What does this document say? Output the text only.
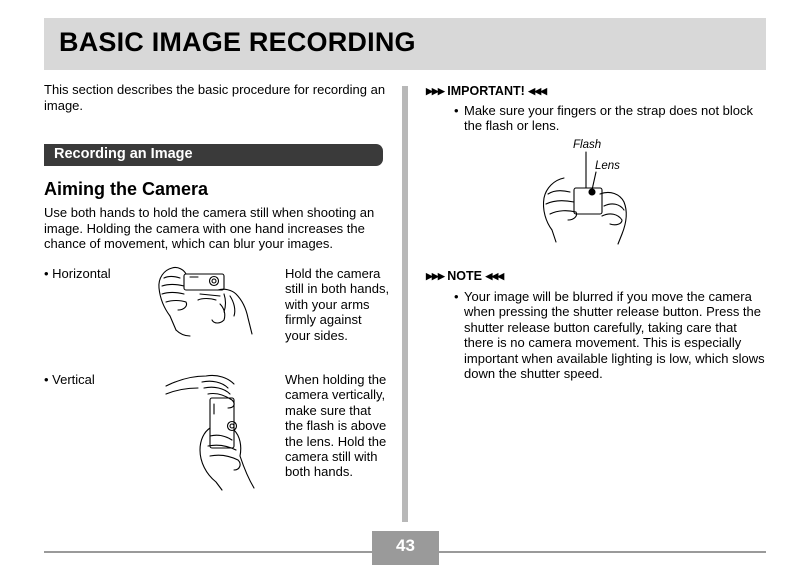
BASIC IMAGE RECORDING
This section describes the basic procedure for recording an image.
Recording an Image
Aiming the Camera
Use both hands to hold the camera still when shooting an image. Holding the camera with one hand increases the chance of movement, which can blur your images.
• Horizontal	Hold the camera still in both hands, with your arms firmly against your sides.
• Vertical	When holding the camera vertically, make sure that the flash is above the lens. Hold the camera still with both hands.
▶▶▶ IMPORTANT! ◀◀◀
• Make sure your fingers or the strap does not block the flash or lens.
Flash
Lens
▶▶▶ NOTE ◀◀◀
• Your image will be blurred if you move the camera when pressing the shutter release button. Press the shutter release button carefully, taking care that there is no camera movement. This is especially important when available lighting is low, which slows down the shutter speed.
43
